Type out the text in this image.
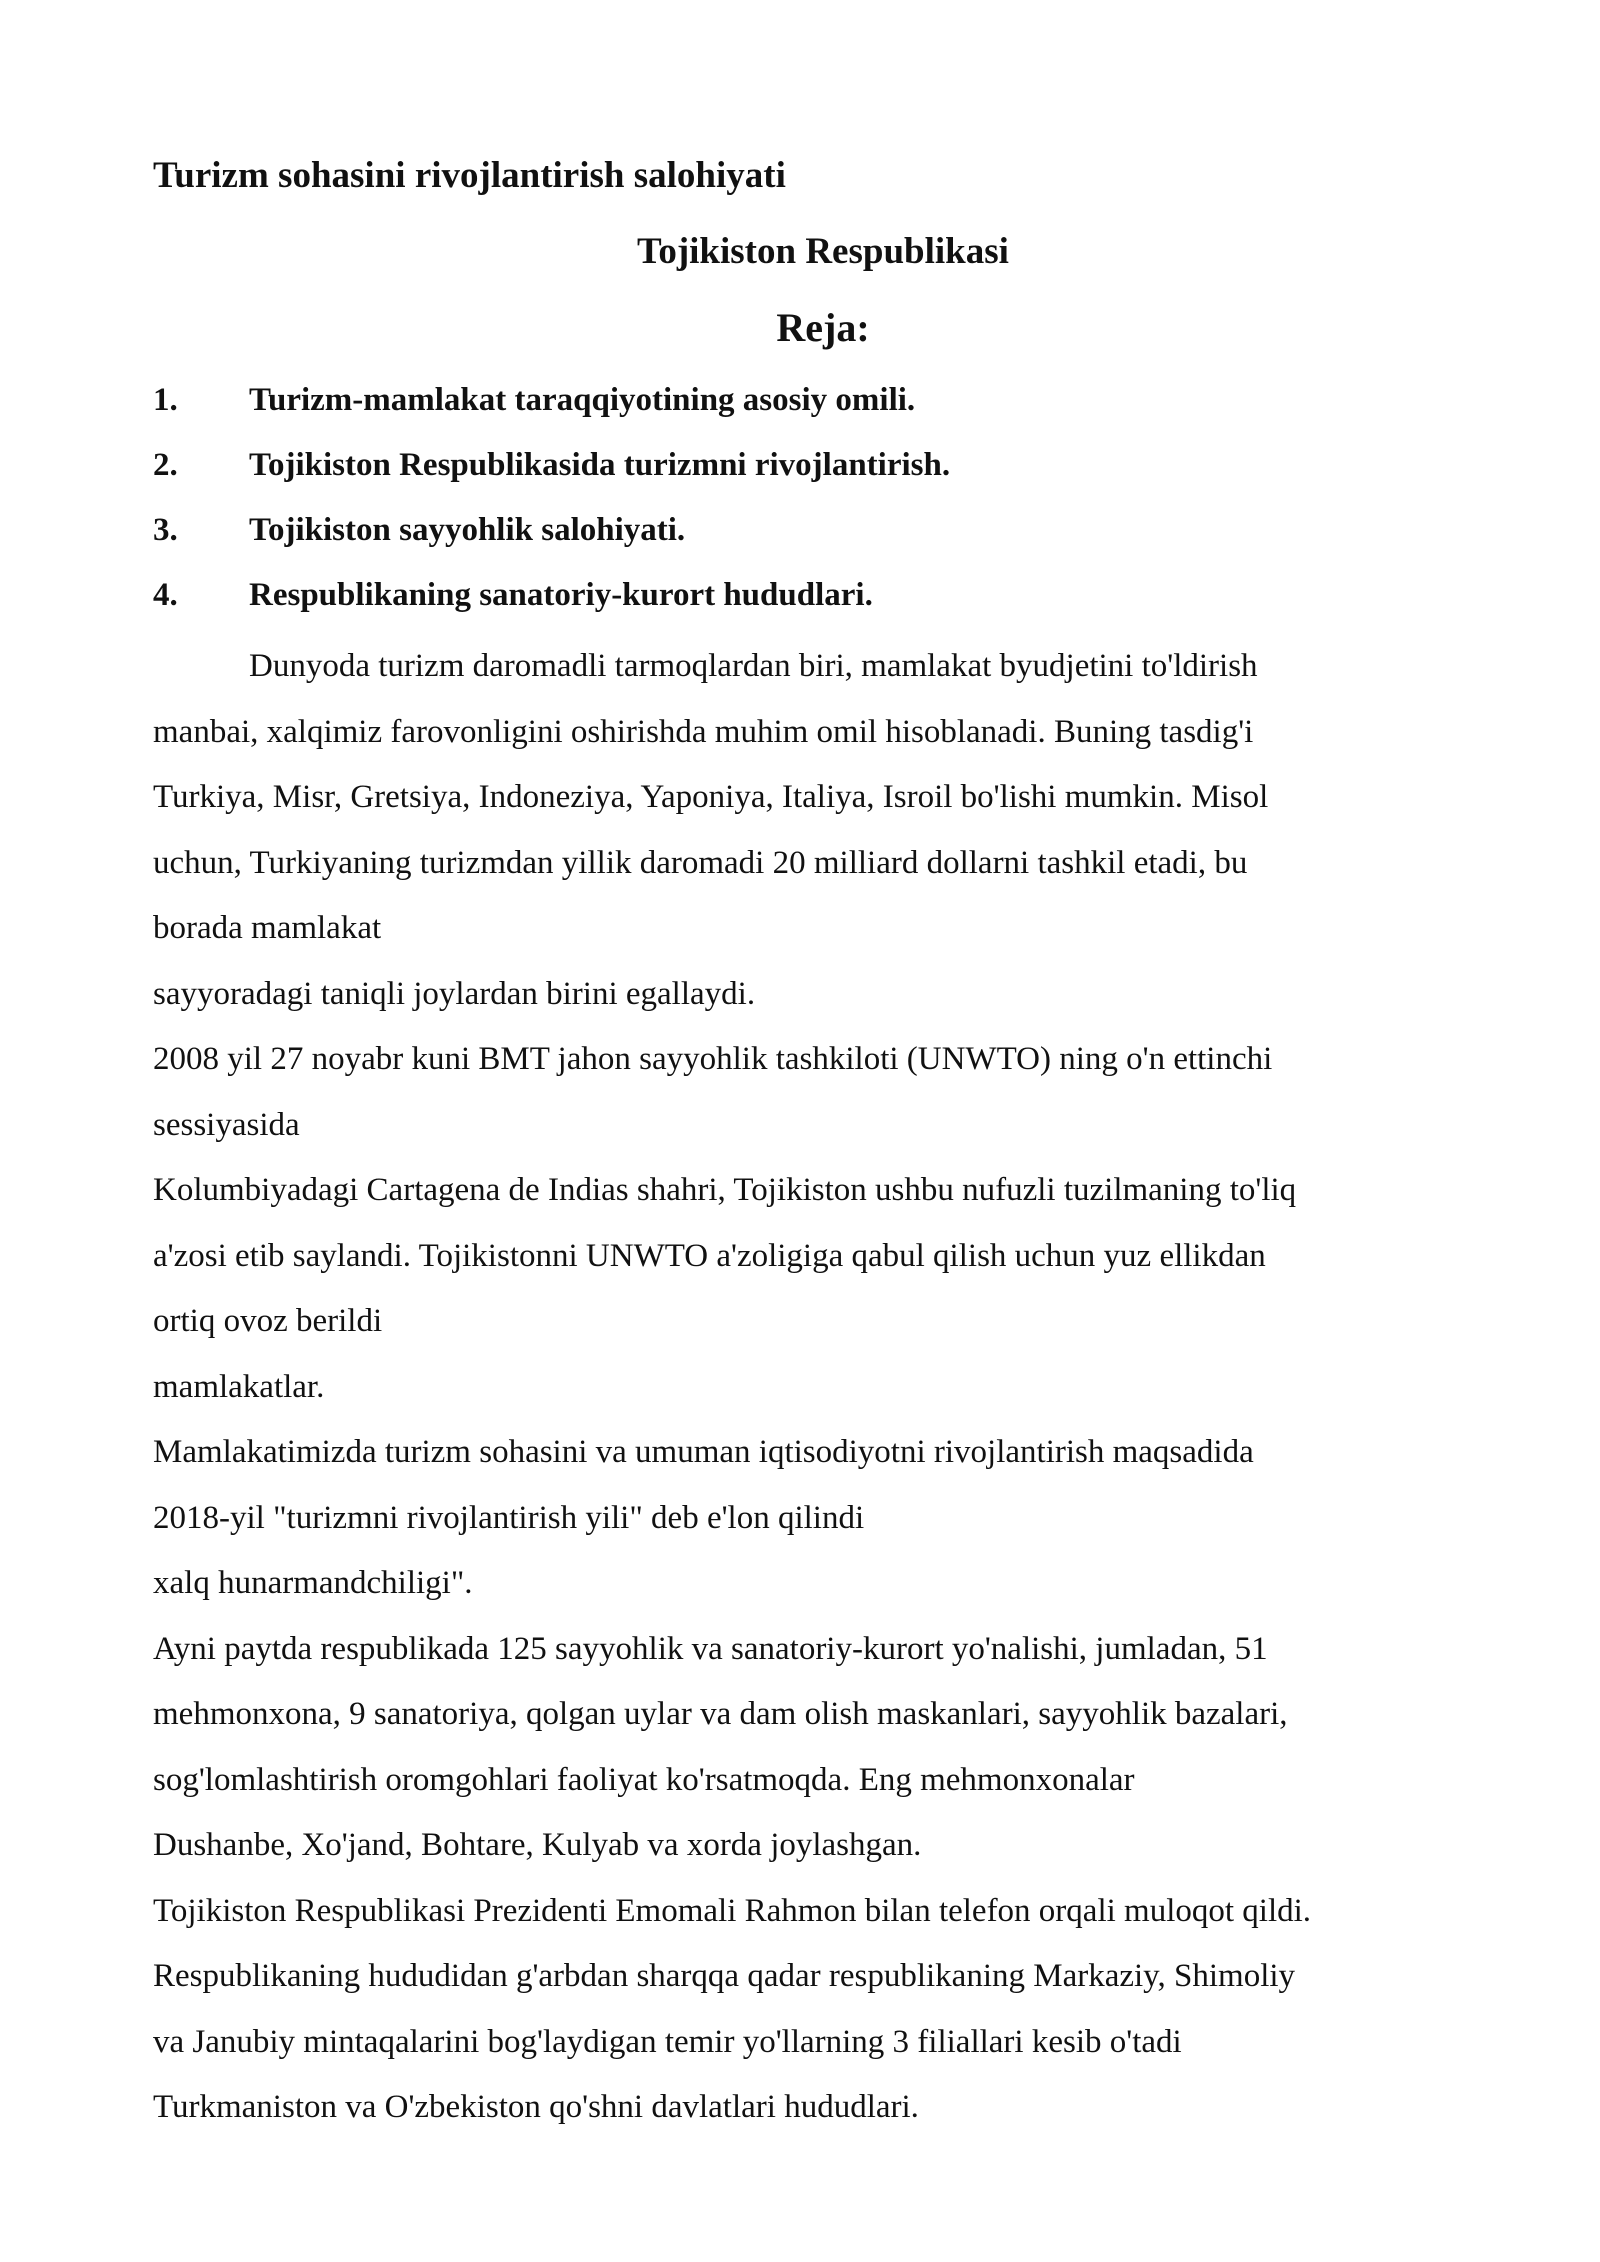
Turizm sohasini rivojlantirish salohiyati
Tojikiston Respublikasi
Reja:
1. Turizm-mamlakat taraqqiyotining asosiy omili.
2. Tojikiston Respublikasida turizmni rivojlantirish.
3. Tojikiston sayyohlik salohiyati.
4. Respublikaning sanatoriy-kurort hududlari.
Dunyoda turizm daromadli tarmoqlardan biri, mamlakat byudjetini to'ldirish
manbai, xalqimiz farovonligini oshirishda muhim omil hisoblanadi. Buning tasdig'i
Turkiya, Misr, Gretsiya, Indoneziya, Yaponiya, Italiya, Isroil bo'lishi mumkin. Misol
uchun, Turkiyaning turizmdan yillik daromadi 20 milliard dollarni tashkil etadi, bu
borada mamlakat
sayyoradagi taniqli joylardan birini egallaydi.
2008 yil 27 noyabr kuni BMT jahon sayyohlik tashkiloti (UNWTO) ning o'n ettinchi
sessiyasida
Kolumbiyadagi Cartagena de Indias shahri, Tojikiston ushbu nufuzli tuzilmaning to'liq
a'zosi etib saylandi. Tojikistonni UNWTO a'zoligiga qabul qilish uchun yuz ellikdan
ortiq ovoz berildi
mamlakatlar.
Mamlakatimizda turizm sohasini va umuman iqtisodiyotni rivojlantirish maqsadida
2018-yil "turizmni rivojlantirish yili" deb e'lon qilindi
xalq hunarmandchiligi".
Ayni paytda respublikada 125 sayyohlik va sanatoriy-kurort yo'nalishi, jumladan, 51
mehmonxona, 9 sanatoriya, qolgan uylar va dam olish maskanlari, sayyohlik bazalari,
sog'lomlashtirish oromgohlari faoliyat ko'rsatmoqda. Eng mehmonxonalar
Dushanbe, Xo'jand, Bohtare, Kulyab va xorda joylashgan.
Tojikiston Respublikasi Prezidenti Emomali Rahmon bilan telefon orqali muloqot qildi.
Respublikaning hududidan g'arbdan sharqqa qadar respublikaning Markaziy, Shimoliy
va Janubiy mintaqalarini bog'laydigan temir yo'llarning 3 filiallari kesib o'tadi
Turkmaniston va O'zbekiston qo'shni davlatlari hududlari.
